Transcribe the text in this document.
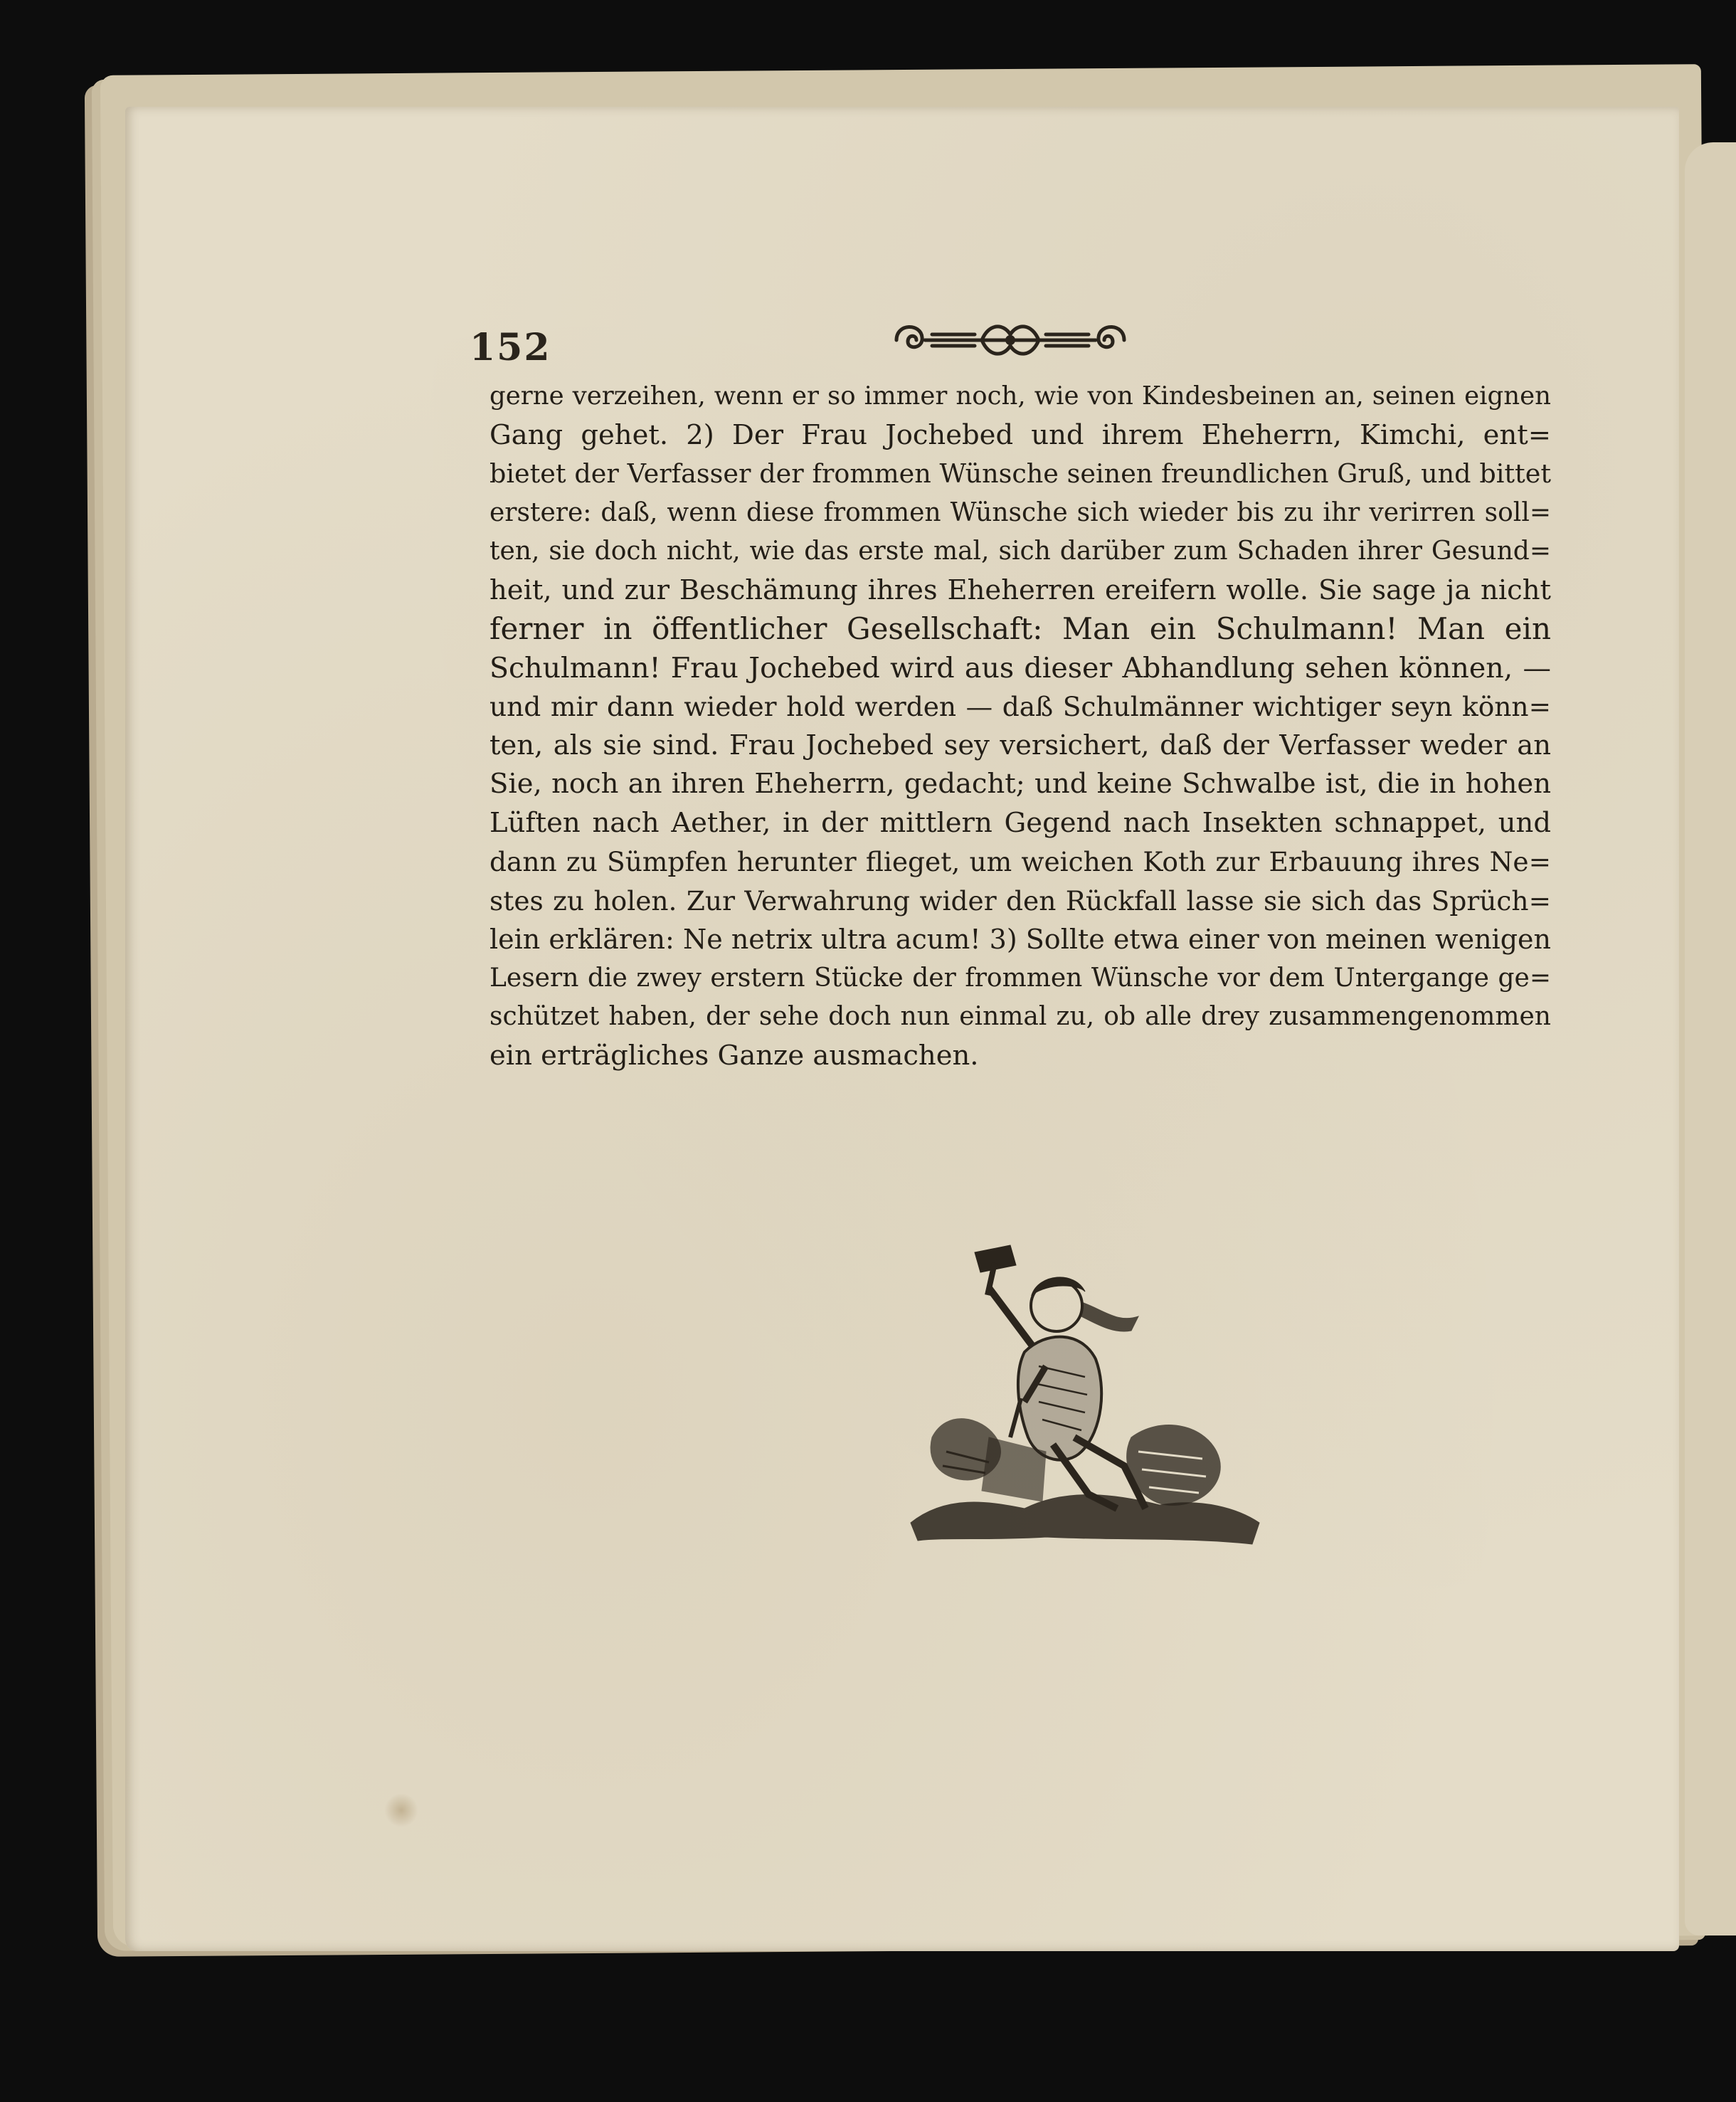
152
gerne verzeihen, wenn er so immer noch, wie von Kindesbeinen an, seinen eignen
Gang gehet. 2) Der Frau Jochebed und ihrem Eheherrn, Kimchi, ent=
bietet der Verfasser der frommen Wünsche seinen freundlichen Gruß, und bittet
erstere: daß, wenn diese frommen Wünsche sich wieder bis zu ihr verirren soll=
ten, sie doch nicht, wie das erste mal, sich darüber zum Schaden ihrer Gesund=
heit, und zur Beschämung ihres Eheherren ereifern wolle. Sie sage ja nicht
ferner in öffentlicher Gesellschaft: Man ein Schulmann! Man ein
Schulmann! Frau Jochebed wird aus dieser Abhandlung sehen können, —
und mir dann wieder hold werden — daß Schulmänner wichtiger seyn könn=
ten, als sie sind. Frau Jochebed sey versichert, daß der Verfasser weder an
Sie, noch an ihren Eheherrn, gedacht; und keine Schwalbe ist, die in hohen
Lüften nach Aether, in der mittlern Gegend nach Insekten schnappet, und
dann zu Sümpfen herunter flieget, um weichen Koth zur Erbauung ihres Ne=
stes zu holen. Zur Verwahrung wider den Rückfall lasse sie sich das Sprüch=
lein erklären: Ne netrix ultra acum! 3) Sollte etwa einer von meinen wenigen
Lesern die zwey erstern Stücke der frommen Wünsche vor dem Untergange ge=
schützet haben, der sehe doch nun einmal zu, ob alle drey zusammengenommen
ein erträgliches Ganze ausmachen.
